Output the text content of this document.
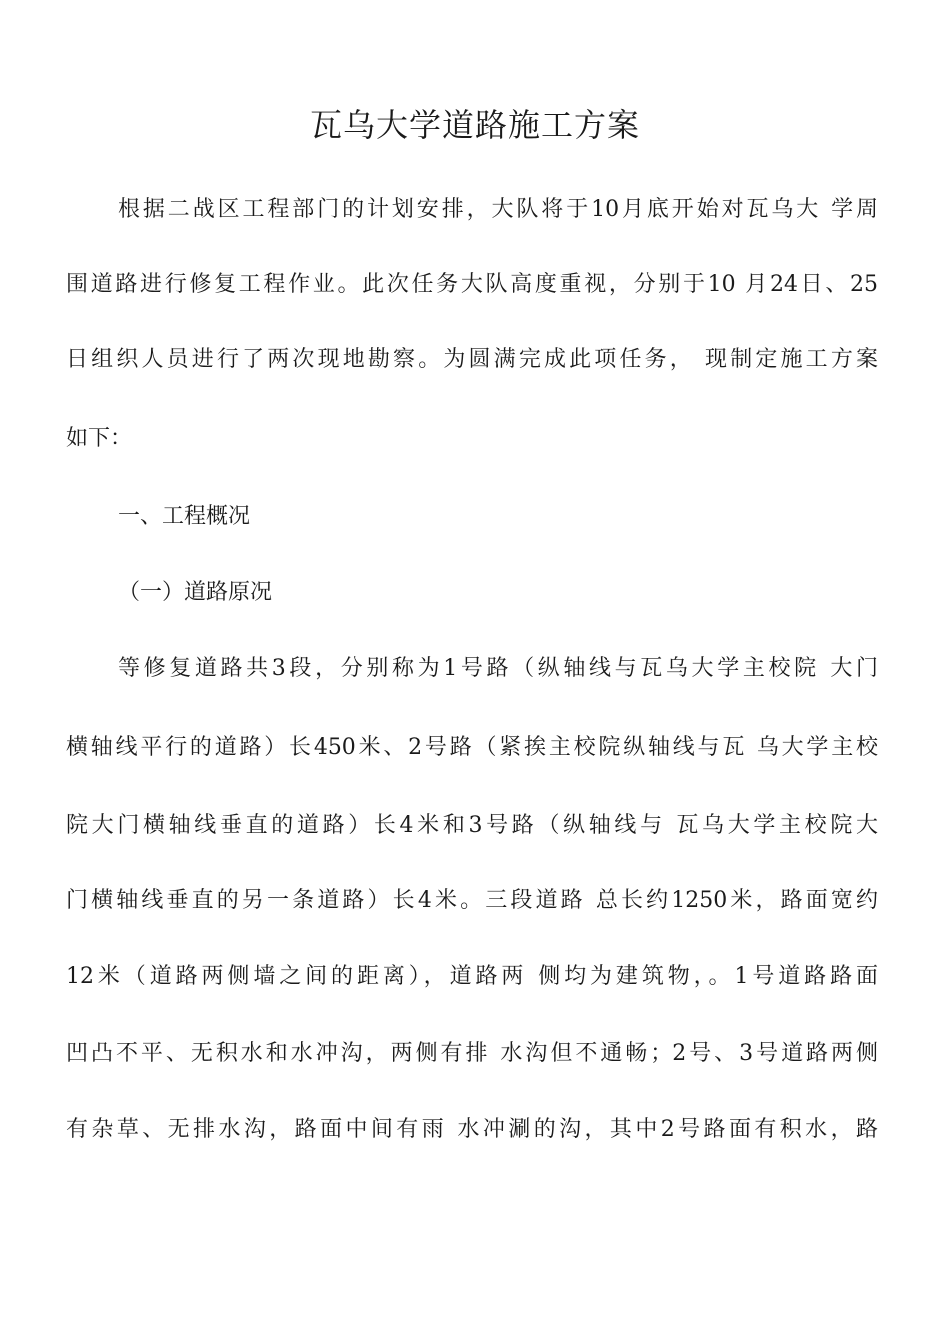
瓦乌大学道路施工方案

根据二战区工程部门的计划安排，大队将于10月底开始对瓦乌大 学周

围道路进行修复工程作业。此次任务大队高度重视，分别于10 月24日、25

日组织人员进行了两次现地勘察。为圆满完成此项任务， 现制定施工方案

如下：

一、工程概况

（一）道路原况

等修复道路共3段，分别称为1号路（纵轴线与瓦乌大学主校院 大门

横轴线平行的道路）长450米、2号路（紧挨主校院纵轴线与瓦 乌大学主校

院大门横轴线垂直的道路）长4米和3号路（纵轴线与 瓦乌大学主校院大

门横轴线垂直的另一条道路）长4米。三段道路 总长约1250米，路面宽约

12米（道路两侧墙之间的距离），道路两 侧均为建筑物，。1号道路路面

凹凸不平、无积水和水冲沟，两侧有排 水沟但不通畅；2号、3号道路两侧

有杂草、无排水沟，路面中间有雨 水冲涮的沟，其中2号路面有积水，路
